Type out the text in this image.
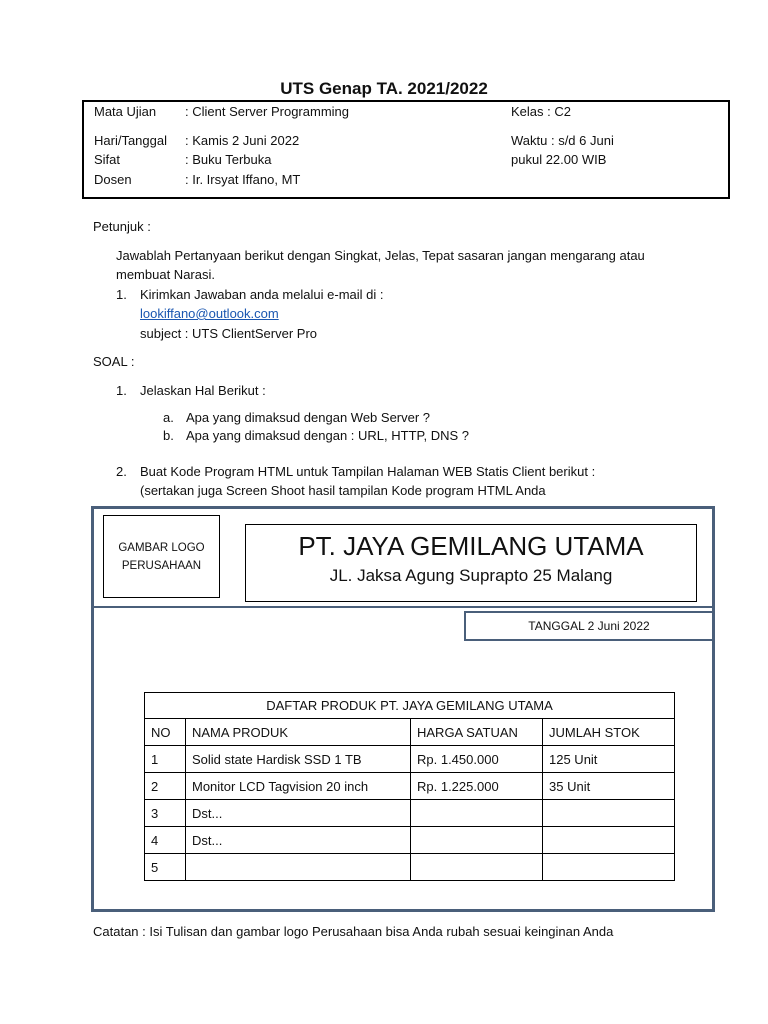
UTS Genap TA. 2021/2022
Mata Ujian : Client Server Programming	Kelas : C2
Hari/Tanggal : Kamis 2 Juni 2022	Waktu : s/d 6 Juni
Sifat	: Buku Terbuka	pukul 22.00 WIB
Dosen	: Ir. Irsyat Iffano, MT
Petunjuk :
Jawablah Pertanyaan berikut dengan Singkat, Jelas, Tepat sasaran jangan mengarang atau
membuat Narasi.
1. Kirimkan Jawaban anda melalui e-mail di :
lookiffano@outlook.com
subject : UTS ClientServer Pro
SOAL :
1. Jelaskan Hal Berikut :
a. Apa yang dimaksud dengan Web Server ?
b. Apa yang dimaksud dengan : URL, HTTP, DNS ?
2. Buat Kode Program HTML untuk Tampilan Halaman WEB Statis Client berikut :
(sertakan juga Screen Shoot hasil tampilan Kode program HTML Anda
GAMBAR LOGO
PERUSAHAAN
PT. JAYA GEMILANG UTAMA
JL. Jaksa Agung Suprapto 25 Malang
TANGGAL 2 Juni 2022
DAFTAR PRODUK PT. JAYA GEMILANG UTAMA			
NO	NAMA PRODUK	HARGA SATUAN	JUMLAH STOK
1	Solid state Hardisk SSD 1 TB	Rp. 1.450.000	125 Unit
2	Monitor LCD Tagvision 20 inch	Rp. 1.225.000	35 Unit
3	Dst...		
4	Dst...		
5			
Catatan : Isi Tulisan dan gambar logo Perusahaan bisa Anda rubah sesuai keinginan Anda
